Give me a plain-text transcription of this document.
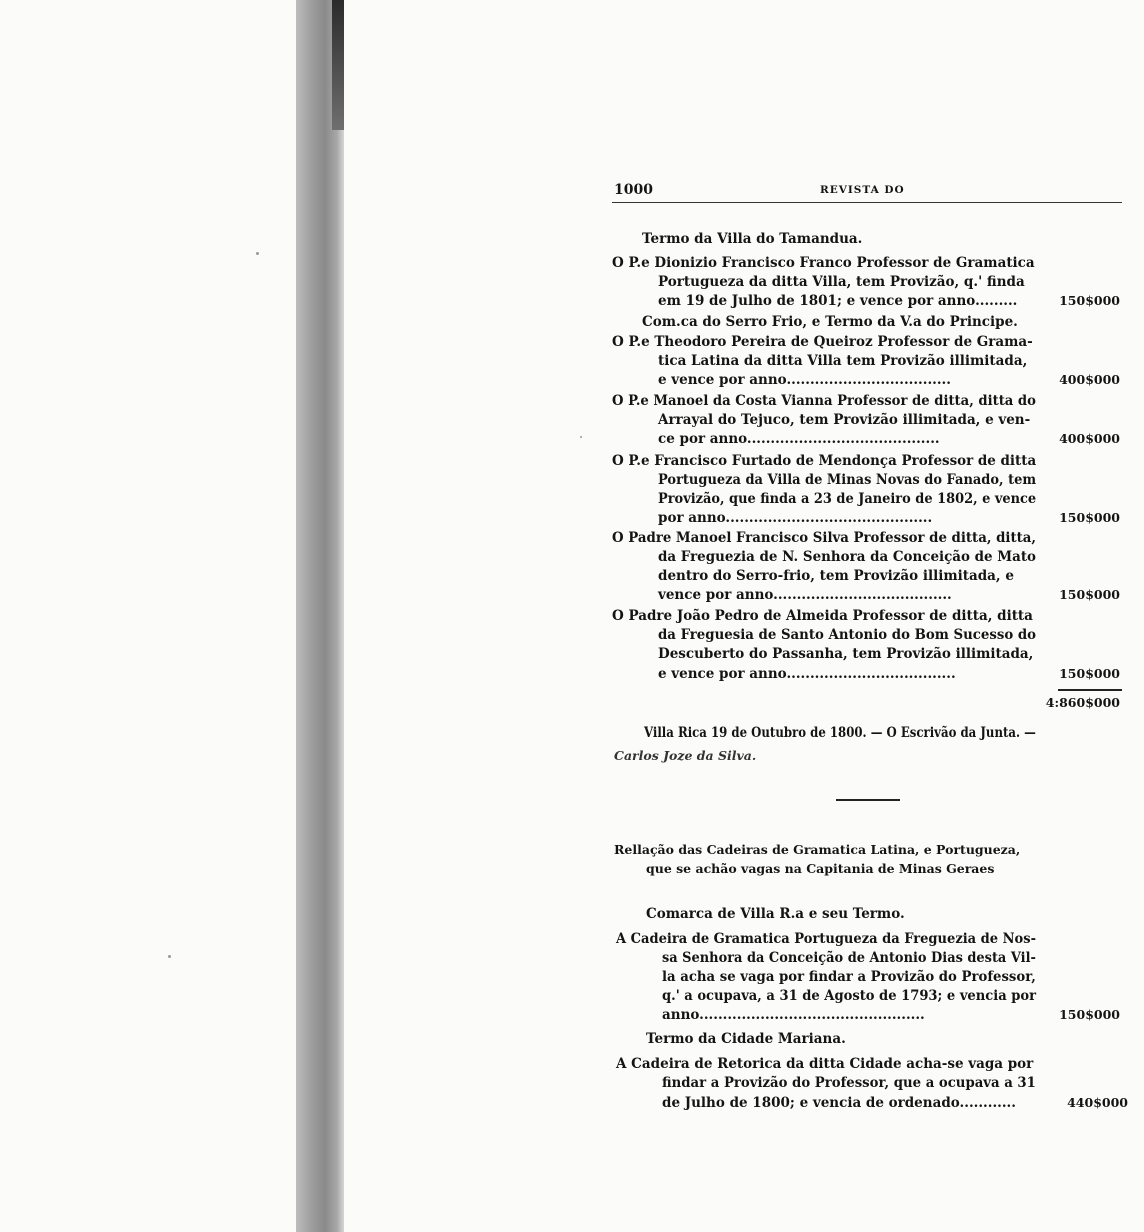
1000	REVISTA DO
Termo da Villa do Tamandua.
O P.e Dionizio Francisco Franco Professor de Gramatica
Portugueza da ditta Villa, tem Provizão, q.' finda
em 19 de Julho de 1801; e vence por anno.........	150$000
Com.ca do Serro Frio, e Termo da V.a do Principe.
O P.e Theodoro Pereira de Queiroz Professor de Grama-
tica Latina da ditta Villa tem Provizão illimitada,
e vence por anno...................................	400$000
O P.e Manoel da Costa Vianna Professor de ditta, ditta do
Arrayal do Tejuco, tem Provizão illimitada, e ven-
ce por anno.........................................	400$000
O P.e Francisco Furtado de Mendonça Professor de ditta
Portugueza da Villa de Minas Novas do Fanado, tem
Provizão, que finda a 23 de Janeiro de 1802, e vence
por anno............................................	150$000
O Padre Manoel Francisco Silva Professor de ditta, ditta,
da Freguezia de N. Senhora da Conceição de Mato
dentro do Serro-frio, tem Provizão illimitada, e
vence por anno......................................	150$000
O Padre João Pedro de Almeida Professor de ditta, ditta
da Freguesia de Santo Antonio do Bom Sucesso do
Descuberto do Passanha, tem Provizão illimitada,
e vence por anno....................................	150$000
4:860$000
Villa Rica 19 de Outubro de 1800. — O Escrivão da Junta. —
Carlos Joze da Silva.
Rellação das Cadeiras de Gramatica Latina, e Portugueza,
que se achão vagas na Capitania de Minas Geraes
Comarca de Villa R.a e seu Termo.
A Cadeira de Gramatica Portugueza da Freguezia de Nos-
sa Senhora da Conceição de Antonio Dias desta Vil-
la acha se vaga por findar a Provizão do Professor,
q.' a ocupava, a 31 de Agosto de 1793; e vencia por
anno................................................	150$000
Termo da Cidade Mariana.
A Cadeira de Retorica da ditta Cidade acha-se vaga por
findar a Provizão do Professor, que a ocupava a 31
de Julho de 1800; e vencia de ordenado............	440$000
